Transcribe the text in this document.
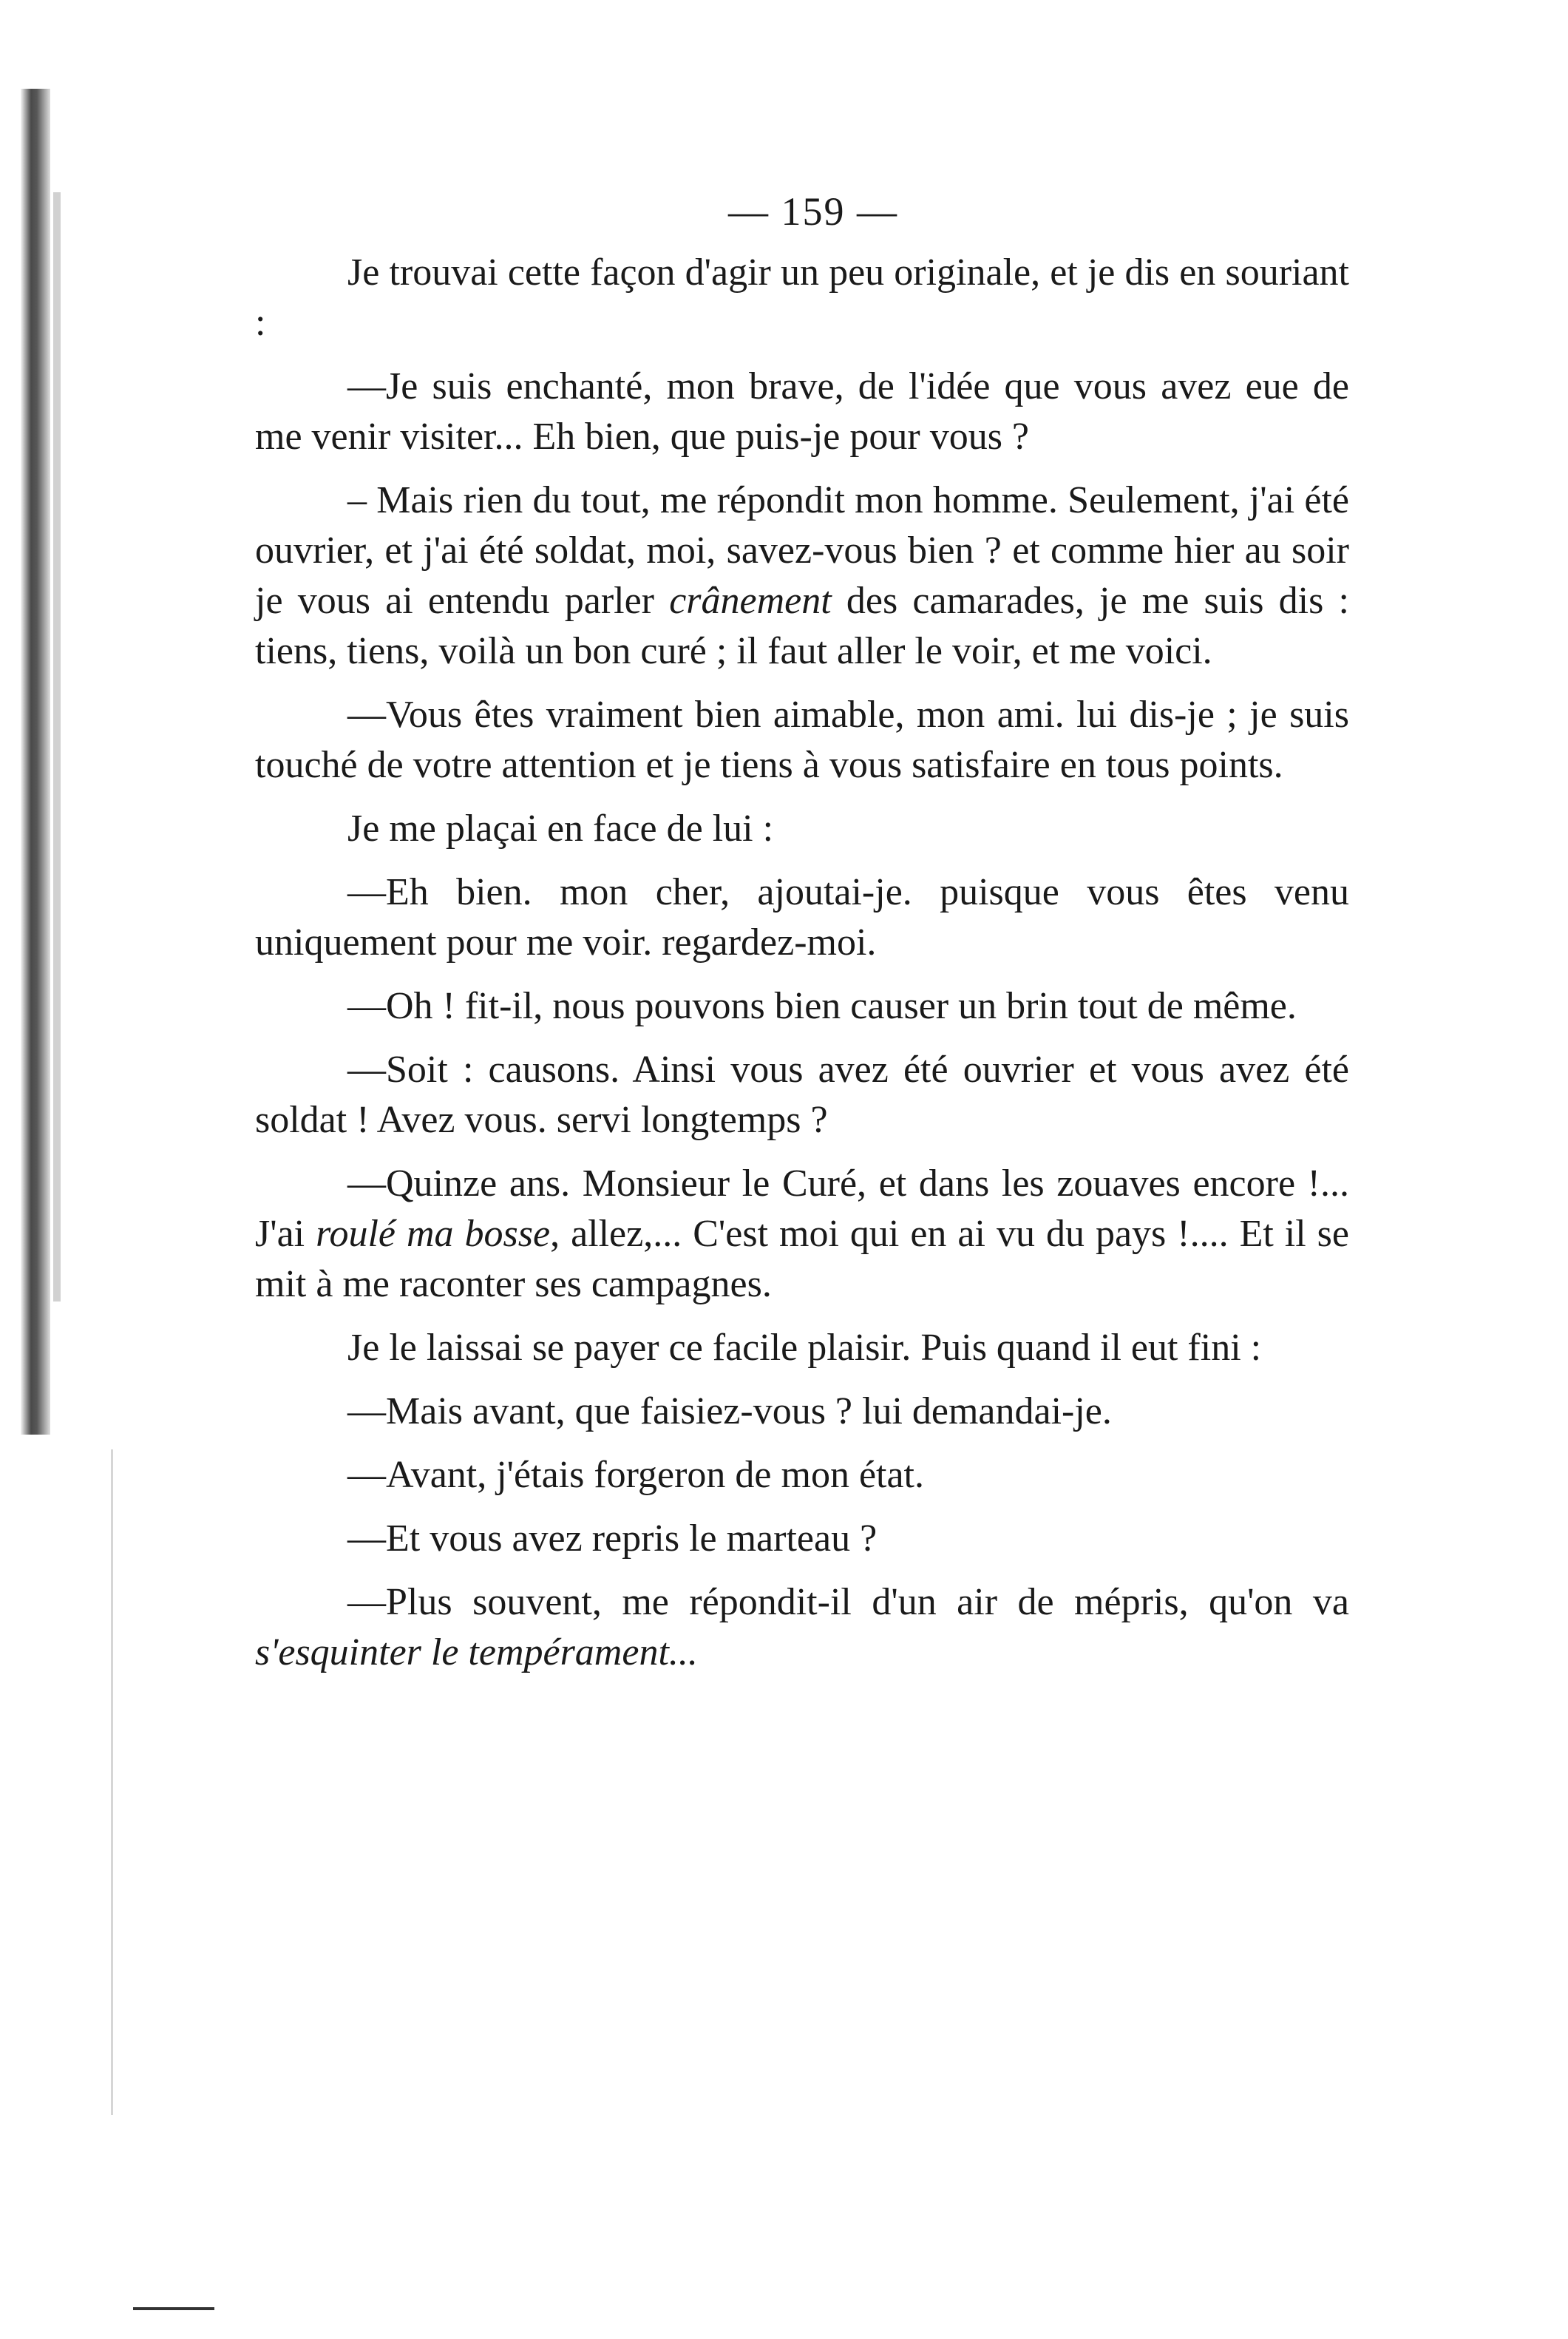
— 159 —

Je trouvai cette façon d'agir un peu originale, et je dis en souriant :

—Je suis enchanté, mon brave, de l'idée que vous avez eue de me venir visiter... Eh bien, que puis-je pour vous ?

– Mais rien du tout, me répondit mon homme. Seulement, j'ai été ouvrier, et j'ai été soldat, moi, savez-vous bien ? et comme hier au soir je vous ai entendu parler crânement des camarades, je me suis dis : tiens, tiens, voilà un bon curé ; il faut aller le voir, et me voici.

—Vous êtes vraiment bien aimable, mon ami. lui dis-je ; je suis touché de votre attention et je tiens à vous satisfaire en tous points.

Je me plaçai en face de lui :

—Eh bien. mon cher, ajoutai-je. puisque vous êtes venu uniquement pour me voir. regardez-moi.

—Oh ! fit-il, nous pouvons bien causer un brin tout de même.

—Soit : causons. Ainsi vous avez été ouvrier et vous avez été soldat ! Avez vous. servi longtemps ?

—Quinze ans. Monsieur le Curé, et dans les zouaves encore !... J'ai roulé ma bosse, allez,... C'est moi qui en ai vu du pays !.... Et il se mit à me raconter ses campagnes.

Je le laissai se payer ce facile plaisir. Puis quand il eut fini :

—Mais avant, que faisiez-vous ? lui demandai-je.

—Avant, j'étais forgeron de mon état.

—Et vous avez repris le marteau ?

—Plus souvent, me répondit-il d'un air de mépris, qu'on va s'esquinter le tempérament...
